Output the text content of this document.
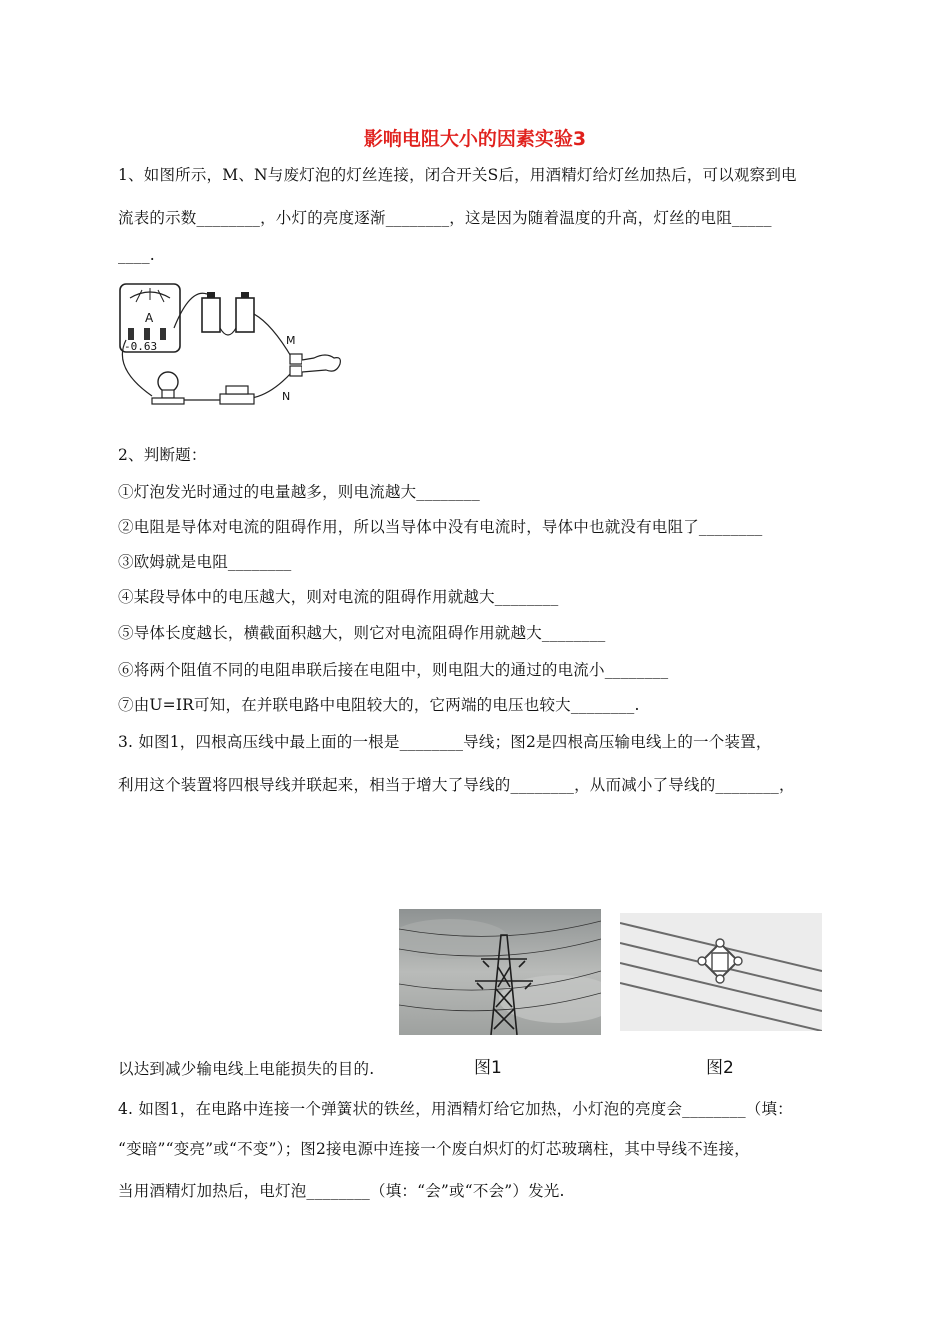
影响电阻大小的因素实验3
1、如图所示，M、N与废灯泡的灯丝连接，闭合开关S后，用酒精灯给灯丝加热后，可以观察到电
流表的示数________，小灯的亮度逐渐________，这是因为随着温度的升高，灯丝的电阻_____
____.
A
-0.63	M
N
2、判断题：
①灯泡发光时通过的电量越多，则电流越大________
②电阻是导体对电流的阻碍作用，所以当导体中没有电流时，导体中也就没有电阻了________
③欧姆就是电阻________
④某段导体中的电压越大，则对电流的阻碍作用就越大________
⑤导体长度越长，横截面积越大，则它对电流阻碍作用就越大________
⑥将两个阻值不同的电阻串联后接在电阻中，则电阻大的通过的电流小________
⑦由U=IR可知，在并联电路中电阻较大的，它两端的电压也较大________.
3. 如图1，四根高压线中最上面的一根是________导线；图2是四根高压输电线上的一个装置，
利用这个装置将四根导线并联起来，相当于增大了导线的________，从而减小了导线的________，
以达到减少输电线上电能损失的目的.	图1	图2
4. 如图1，在电路中连接一个弹簧状的铁丝，用酒精灯给它加热，小灯泡的亮度会________（填：
“变暗”“变亮”或“不变”）；图2接电源中连接一个废白炽灯的灯芯玻璃柱，其中导线不连接，
当用酒精灯加热后，电灯泡________（填：“会”或“不会”）发光.
